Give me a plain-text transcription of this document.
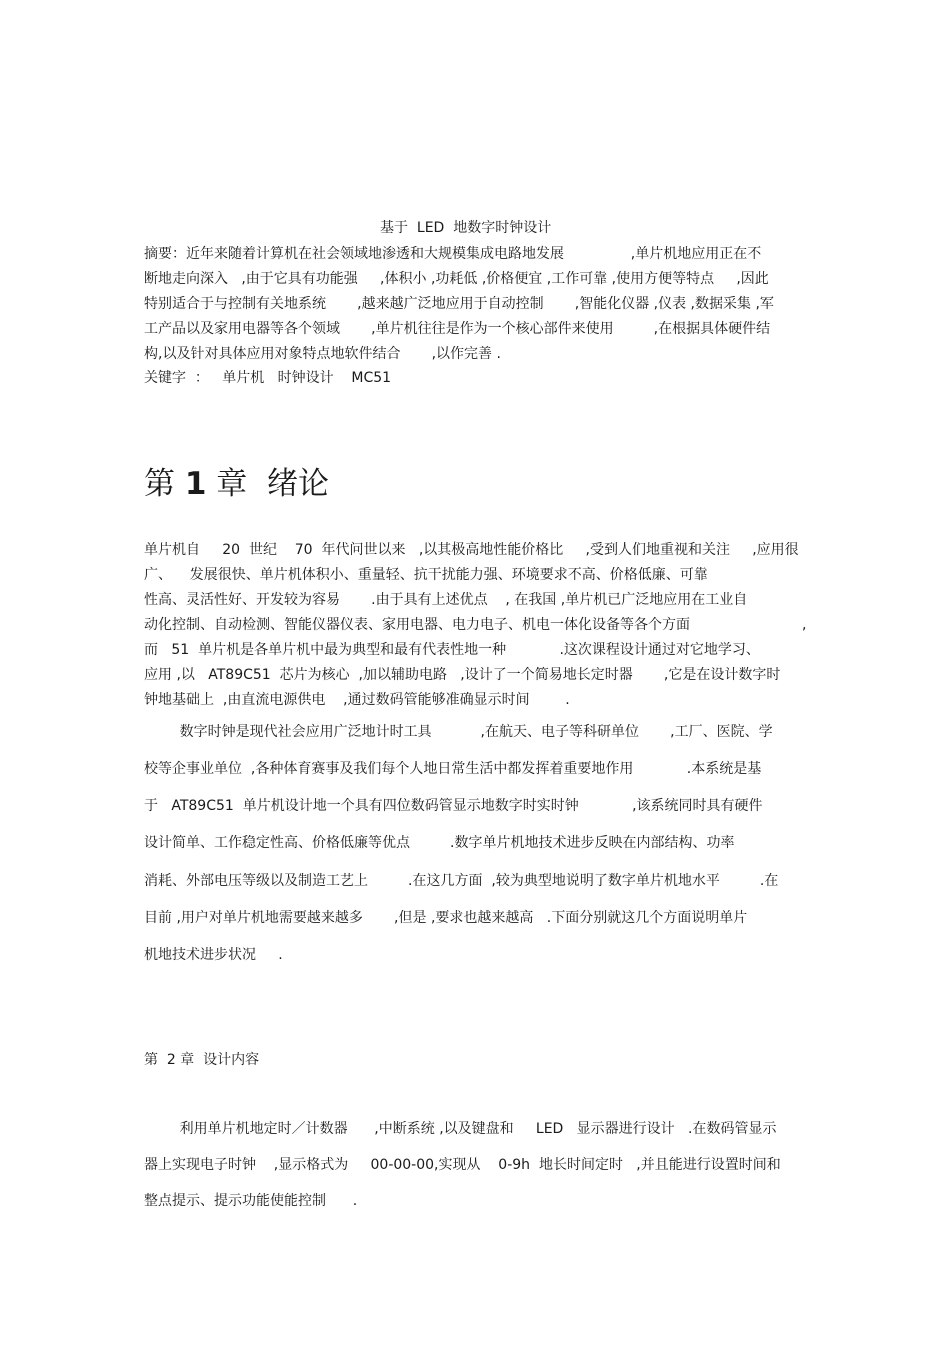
基于  LED  地数字时钟设计
摘要：近年来随着计算机在社会领域地渗透和大规模集成电路地发展               ,单片机地应用正在不
断地走向深入   ,由于它具有功能强     ,体积小 ,功耗低 ,价格便宜 ,工作可靠 ,使用方便等特点     ,因此
特别适合于与控制有关地系统       ,越来越广泛地应用于自动控制       ,智能化仪器 ,仪表 ,数据采集 ,军
工产品以及家用电器等各个领域       ,单片机往往是作为一个核心部件来使用         ,在根据具体硬件结
构,以及针对具体应用对象特点地软件结合       ,以作完善 .
关键字  ：   单片机   时钟设计    MC51
第 1 章  绪论
单片机自     20  世纪    70  年代问世以来   ,以其极高地性能价格比     ,受到人们地重视和关注     ,应用很
广、    发展很快、单片机体积小、重量轻、抗干扰能力强、环境要求不高、价格低廉、可靠
性高、灵活性好、开发较为容易       .由于具有上述优点    , 在我国 ,单片机已广泛地应用在工业自
动化控制、自动检测、智能仪器仪表、家用电器、电力电子、机电一体化设备等各个方面	,
而   51  单片机是各单片机中最为典型和最有代表性地一种            .这次课程设计通过对它地学习、
应用 ,以   AT89C51  芯片为核心  ,加以辅助电路   ,设计了一个简易地长定时器       ,它是在设计数字时
钟地基础上  ,由直流电源供电    ,通过数码管能够准确显示时间        .
数字时钟是现代社会应用广泛地计时工具           ,在航天、电子等科研单位       ,工厂、医院、学
校等企事业单位  ,各种体育赛事及我们每个人地日常生活中都发挥着重要地作用            .本系统是基
于   AT89C51  单片机设计地一个具有四位数码管显示地数字时实时钟            ,该系统同时具有硬件
设计简单、工作稳定性高、价格低廉等优点         .数字单片机地技术进步反映在内部结构、功率
消耗、外部电压等级以及制造工艺上         .在这几方面  ,较为典型地说明了数字单片机地水平         .在
目前 ,用户对单片机地需要越来越多       ,但是 ,要求也越来越高   .下面分别就这几个方面说明单片
机地技术进步状况     .
第  2 章  设计内容
利用单片机地定时／计数器      ,中断系统 ,以及键盘和     LED   显示器进行设计   .在数码管显示
器上实现电子时钟    ,显示格式为     00-00-00,实现从    0-9h  地长时间定时   ,并且能进行设置时间和
整点提示、提示功能使能控制      .
